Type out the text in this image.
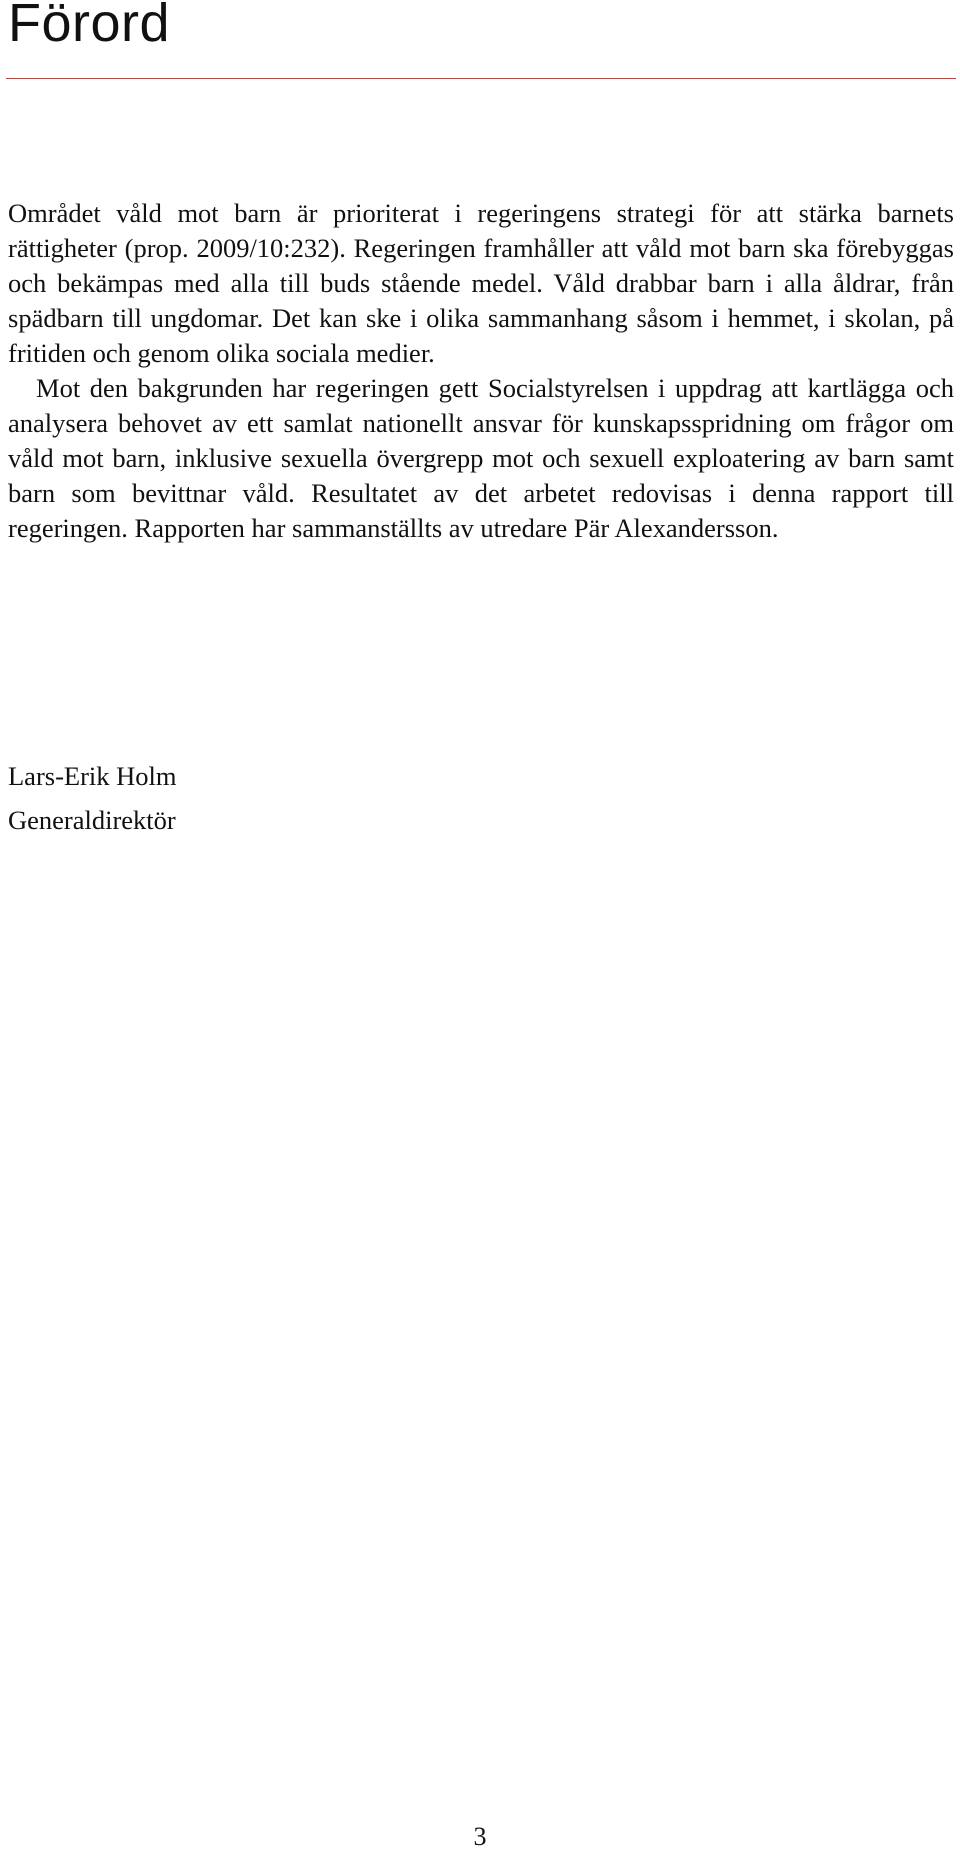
Förord

Området våld mot barn är prioriterat i regeringens strategi för att stärka barnets rättigheter (prop. 2009/10:232). Regeringen framhåller att våld mot barn ska förebyggas och bekämpas med alla till buds stående medel. Våld drabbar barn i alla åldrar, från spädbarn till ungdomar. Det kan ske i olika sammanhang såsom i hemmet, i skolan, på fritiden och genom olika sociala medier.

Mot den bakgrunden har regeringen gett Socialstyrelsen i uppdrag att kartlägga och analysera behovet av ett samlat nationellt ansvar för kunskapsspridning om frågor om våld mot barn, inklusive sexuella övergrepp mot och sexuell exploatering av barn samt barn som bevittnar våld. Resultatet av det arbetet redovisas i denna rapport till regeringen. Rapporten har sammanställts av utredare Pär Alexandersson.

Lars-Erik Holm
Generaldirektör
3
